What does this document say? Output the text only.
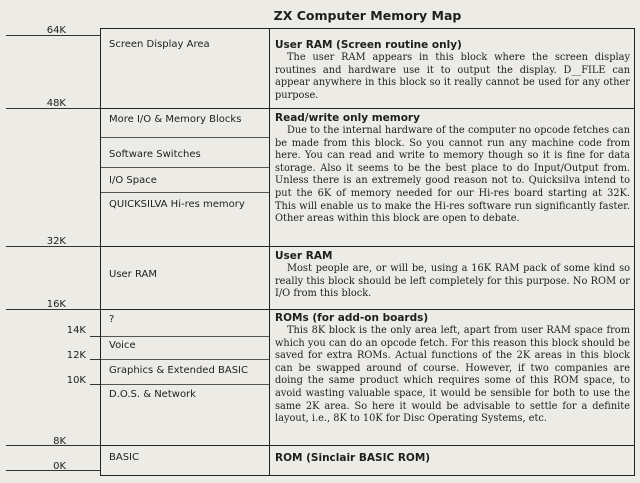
ZX Computer Memory Map
64K
48K
32K
16K
14K
12K
10K
8K
0K
Screen Display Area
More I/O & Memory Blocks
Software Switches
I/O Space
QUICKSILVA Hi-res memory
User RAM
?
Voice
Graphics & Extended BASIC
D.O.S. & Network
BASIC
User RAM (Screen routine only)

The user RAM appears in this block where the screen display routines and hardware use it to output the display. D__FILE can appear anywhere in this block so it really cannot be used for any other purpose.

Read/write only memory

Due to the internal hardware of the computer no opcode fetches can be made from this block. So you cannot run any machine code from here. You can read and write to memory though so it is fine for data storage. Also it seems to be the best place to do Input/Output from. Unless there is an extremely good reason not to. Quicksilva intend to put the 6K of memory needed for our Hi-res board starting at 32K. This will enable us to make the Hi-res software run significantly faster. Other areas within this block are open to debate.

User RAM

Most people are, or will be, using a 16K RAM pack of some kind so really this block should be left completely for this purpose. No ROM or I/O from this block.

ROMs (for add-on boards)

This 8K block is the only area left, apart from user RAM space from which you can do an opcode fetch. For this reason this block should be saved for extra ROMs. Actual functions of the 2K areas in this block can be swapped around of course. However, if two companies are doing the same product which requires some of this ROM space, to avoid wasting valuable space, it would be sensible for both to use the same 2K area. So here it would be advisable to settle for a definite layout, i.e., 8K to 10K for Disc Operating Systems, etc.

ROM (Sinclair BASIC ROM)
